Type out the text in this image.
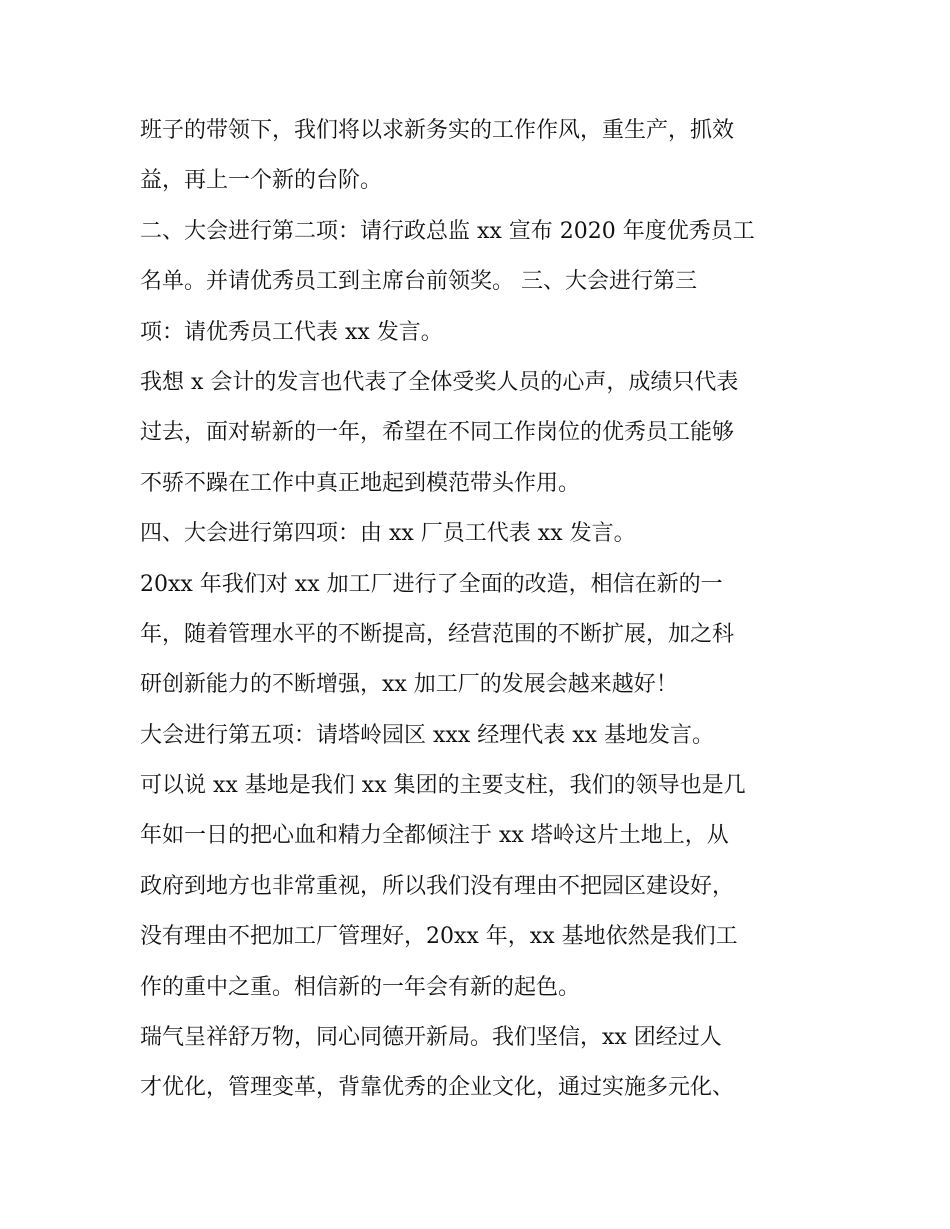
班子的带领下，我们将以求新务实的工作作风，重生产，抓效
益，再上一个新的台阶。
二、大会进行第二项：请行政总监 xx 宣布 2020 年度优秀员工
名单。并请优秀员工到主席台前领奖。 三、大会进行第三
项：请优秀员工代表 xx 发言。
我想 x 会计的发言也代表了全体受奖人员的心声，成绩只代表
过去，面对崭新的一年，希望在不同工作岗位的优秀员工能够
不骄不躁在工作中真正地起到模范带头作用。
四、大会进行第四项：由 xx 厂员工代表 xx 发言。
20xx 年我们对 xx 加工厂进行了全面的改造，相信在新的一
年，随着管理水平的不断提高，经营范围的不断扩展，加之科
研创新能力的不断增强，xx 加工厂的发展会越来越好！
大会进行第五项：请塔岭园区 xxx 经理代表 xx 基地发言。
可以说 xx 基地是我们 xx 集团的主要支柱，我们的领导也是几
年如一日的把心血和精力全都倾注于 xx 塔岭这片土地上，从
政府到地方也非常重视，所以我们没有理由不把园区建设好，
没有理由不把加工厂管理好，20xx 年，xx 基地依然是我们工
作的重中之重。相信新的一年会有新的起色。
瑞气呈祥舒万物，同心同德开新局。我们坚信，xx 团经过人
才优化，管理变革，背靠优秀的企业文化，通过实施多元化、
